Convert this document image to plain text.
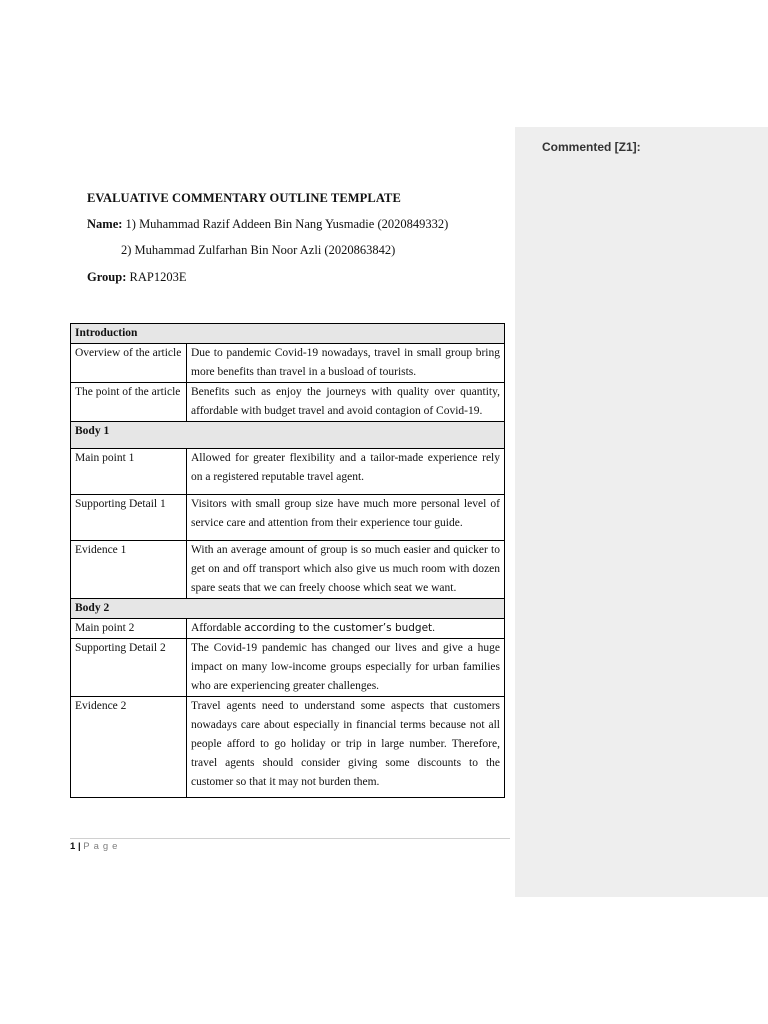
Commented [Z1]:
EVALUATIVE COMMENTARY OUTLINE TEMPLATE
Name: 1) Muhammad Razif Addeen Bin Nang Yusmadie (2020849332)
2) Muhammad Zulfarhan Bin Noor Azli (2020863842)
Group: RAP1203E
Introduction	
Overview of the article	Due to pandemic Covid-19 nowadays, travel in small group bring more benefits than travel in a busload of tourists.
The point of the article	Benefits such as enjoy the journeys with quality over quantity, affordable with budget travel and avoid contagion of Covid-19.
Body 1	
Main point 1	Allowed for greater flexibility and a tailor-made experience rely on a registered reputable travel agent.
Supporting Detail 1	Visitors with small group size have much more personal level of service care and attention from their experience tour guide.
Evidence 1	With an average amount of group is so much easier and quicker to get on and off transport which also give us much room with dozen spare seats that we can freely choose which seat we want.
Body 2	
Main point 2	Affordable according to the customer’s budget.
Supporting Detail 2	The Covid-19 pandemic has changed our lives and give a huge impact on many low-income groups especially for urban families who are experiencing greater challenges.
Evidence 2	Travel agents need to understand some aspects that customers nowadays care about especially in financial terms because not all people afford to go holiday or trip in large number. Therefore, travel agents should consider giving some discounts to the customer so that it may not burden them.
1 | Page
